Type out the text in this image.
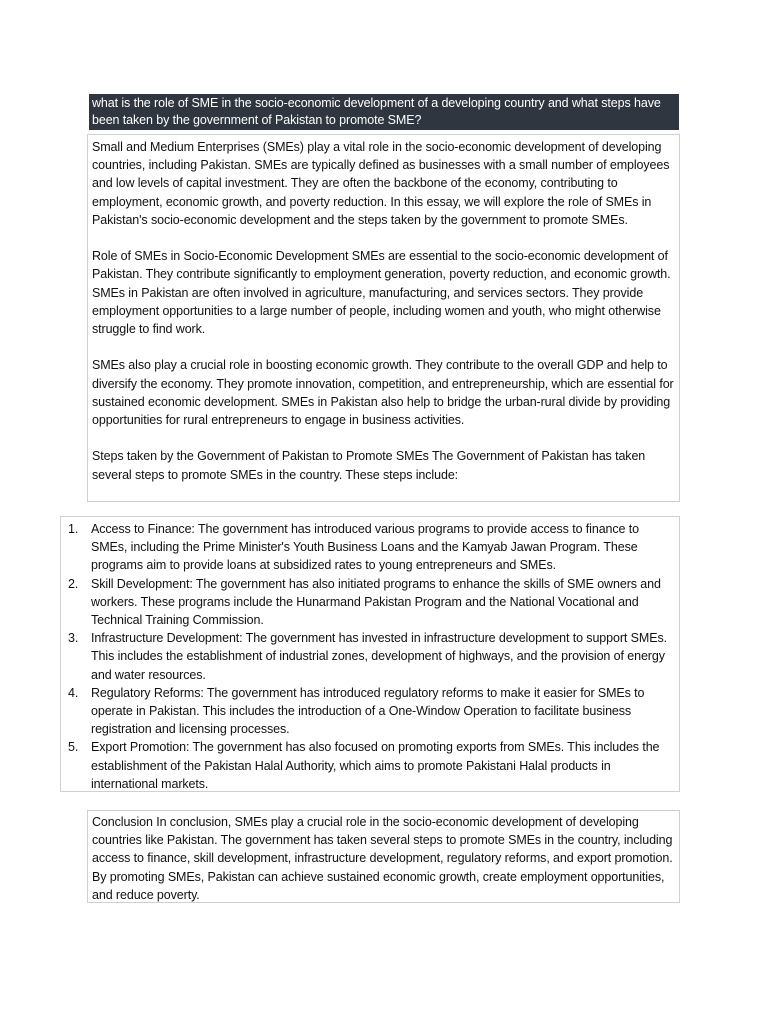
what is the role of SME in the socio-economic development of a developing country and what steps have been taken by the government of Pakistan to promote SME?

Small and Medium Enterprises (SMEs) play a vital role in the socio-economic development of developing countries, including Pakistan. SMEs are typically defined as businesses with a small number of employees and low levels of capital investment. They are often the backbone of the economy, contributing to employment, economic growth, and poverty reduction. In this essay, we will explore the role of SMEs in Pakistan's socio-economic development and the steps taken by the government to promote SMEs.

Role of SMEs in Socio-Economic Development SMEs are essential to the socio-economic development of Pakistan. They contribute significantly to employment generation, poverty reduction, and economic growth. SMEs in Pakistan are often involved in agriculture, manufacturing, and services sectors. They provide employment opportunities to a large number of people, including women and youth, who might otherwise struggle to find work.

SMEs also play a crucial role in boosting economic growth. They contribute to the overall GDP and help to diversify the economy. They promote innovation, competition, and entrepreneurship, which are essential for sustained economic development. SMEs in Pakistan also help to bridge the urban-rural divide by providing opportunities for rural entrepreneurs to engage in business activities.

Steps taken by the Government of Pakistan to Promote SMEs The Government of Pakistan has taken several steps to promote SMEs in the country. These steps include:

1. Access to Finance: The government has introduced various programs to provide access to finance to SMEs, including the Prime Minister's Youth Business Loans and the Kamyab Jawan Program. These programs aim to provide loans at subsidized rates to young entrepreneurs and SMEs.
2. Skill Development: The government has also initiated programs to enhance the skills of SME owners and workers. These programs include the Hunarmand Pakistan Program and the National Vocational and Technical Training Commission.
3. Infrastructure Development: The government has invested in infrastructure development to support SMEs. This includes the establishment of industrial zones, development of highways, and the provision of energy and water resources.
4. Regulatory Reforms: The government has introduced regulatory reforms to make it easier for SMEs to operate in Pakistan. This includes the introduction of a One-Window Operation to facilitate business registration and licensing processes.
5. Export Promotion: The government has also focused on promoting exports from SMEs. This includes the establishment of the Pakistan Halal Authority, which aims to promote Pakistani Halal products in international markets.
Conclusion In conclusion, SMEs play a crucial role in the socio-economic development of developing countries like Pakistan. The government has taken several steps to promote SMEs in the country, including access to finance, skill development, infrastructure development, regulatory reforms, and export promotion. By promoting SMEs, Pakistan can achieve sustained economic growth, create employment opportunities, and reduce poverty.
